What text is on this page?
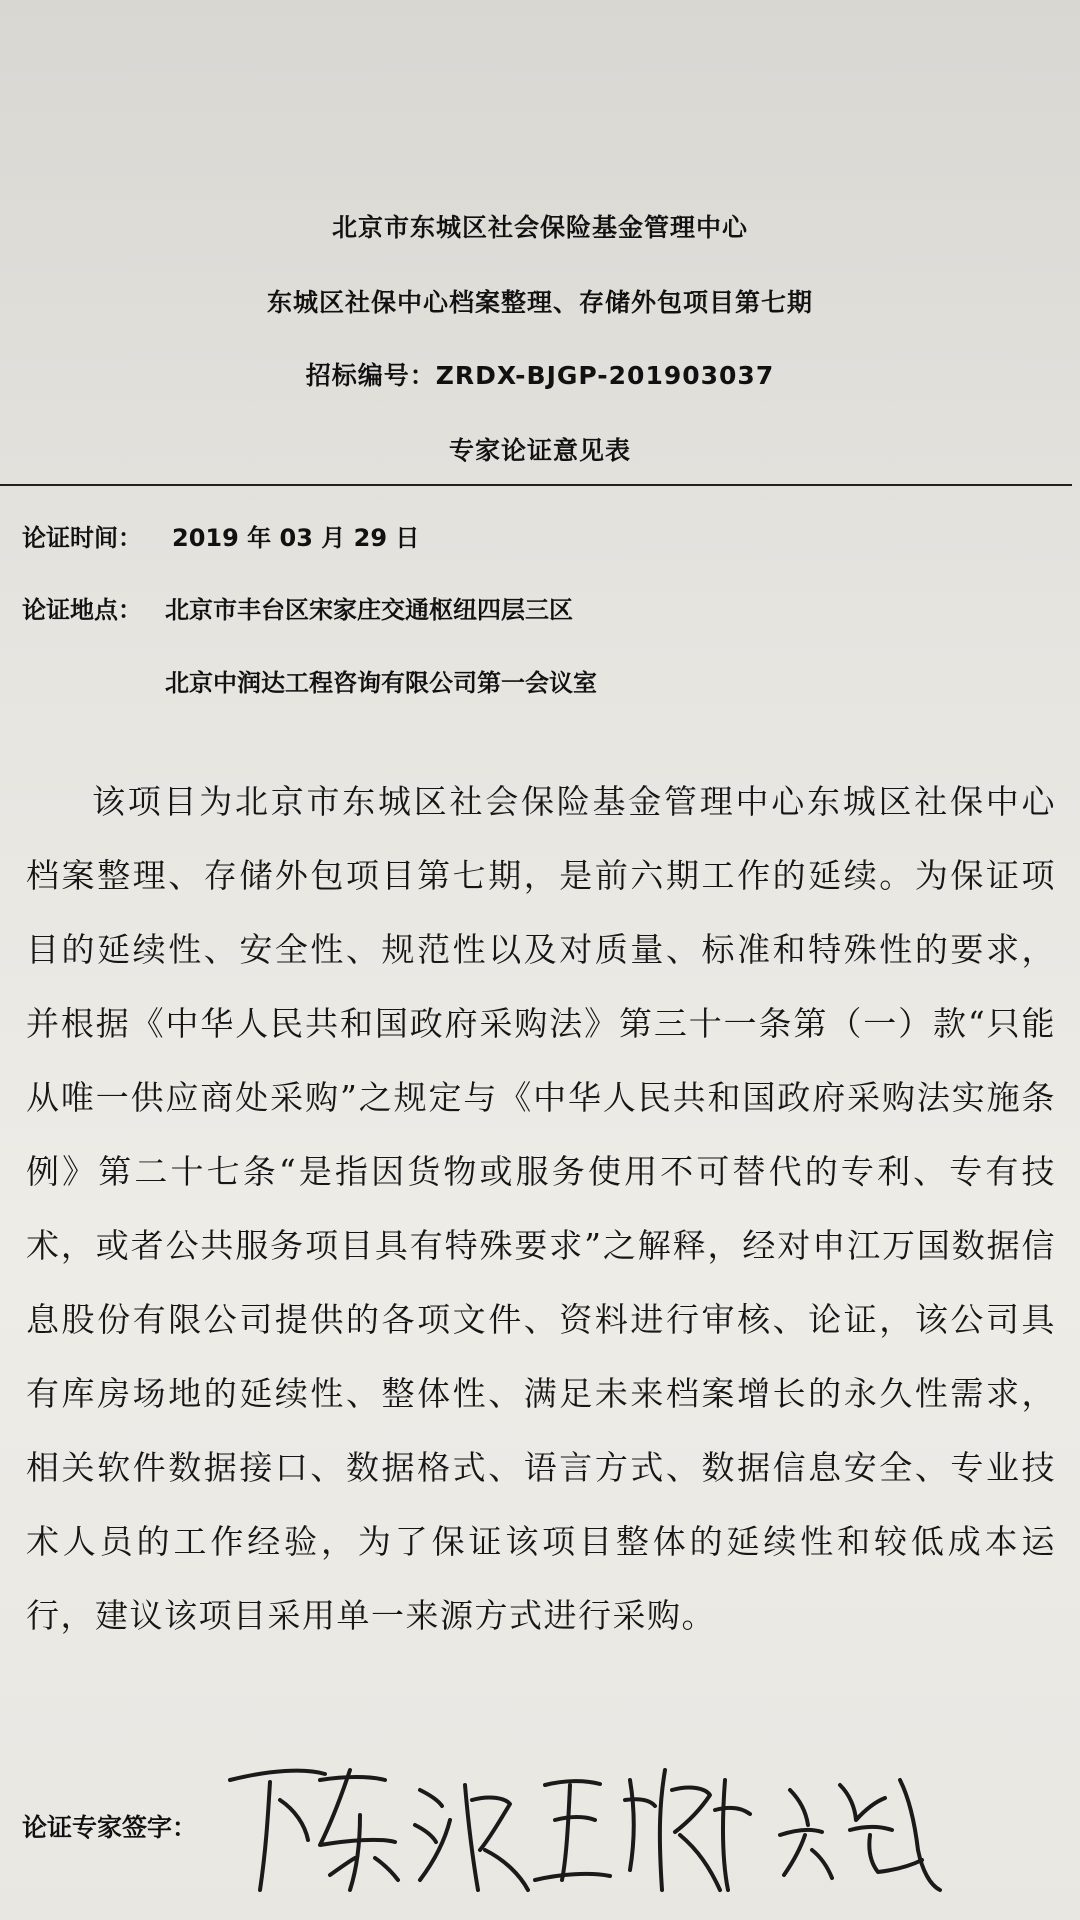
北京市东城区社会保险基金管理中心
东城区社保中心档案整理、存储外包项目第七期
招标编号：ZRDX-BJGP-201903037
专家论证意见表
论证时间： 2019 年 03 月 29 日
论证地点： 北京市丰台区宋家庄交通枢纽四层三区
北京中润达工程咨询有限公司第一会议室
该项目为北京市东城区社会保险基金管理中心东城区社保中心档案整理、存储外包项目第七期，是前六期工作的延续。为保证项目的延续性、安全性、规范性以及对质量、标准和特殊性的要求，并根据《中华人民共和国政府采购法》第三十一条第（一）款“只能从唯一供应商处采购”之规定与《中华人民共和国政府采购法实施条例》第二十七条“是指因货物或服务使用不可替代的专利、专有技术，或者公共服务项目具有特殊要求”之解释，经对申江万国数据信息股份有限公司提供的各项文件、资料进行审核、论证，该公司具有库房场地的延续性、整体性、满足未来档案增长的永久性需求，相关软件数据接口、数据格式、语言方式、数据信息安全、专业技术人员的工作经验，为了保证该项目整体的延续性和较低成本运行，建议该项目采用单一来源方式进行采购。
论证专家签字：
